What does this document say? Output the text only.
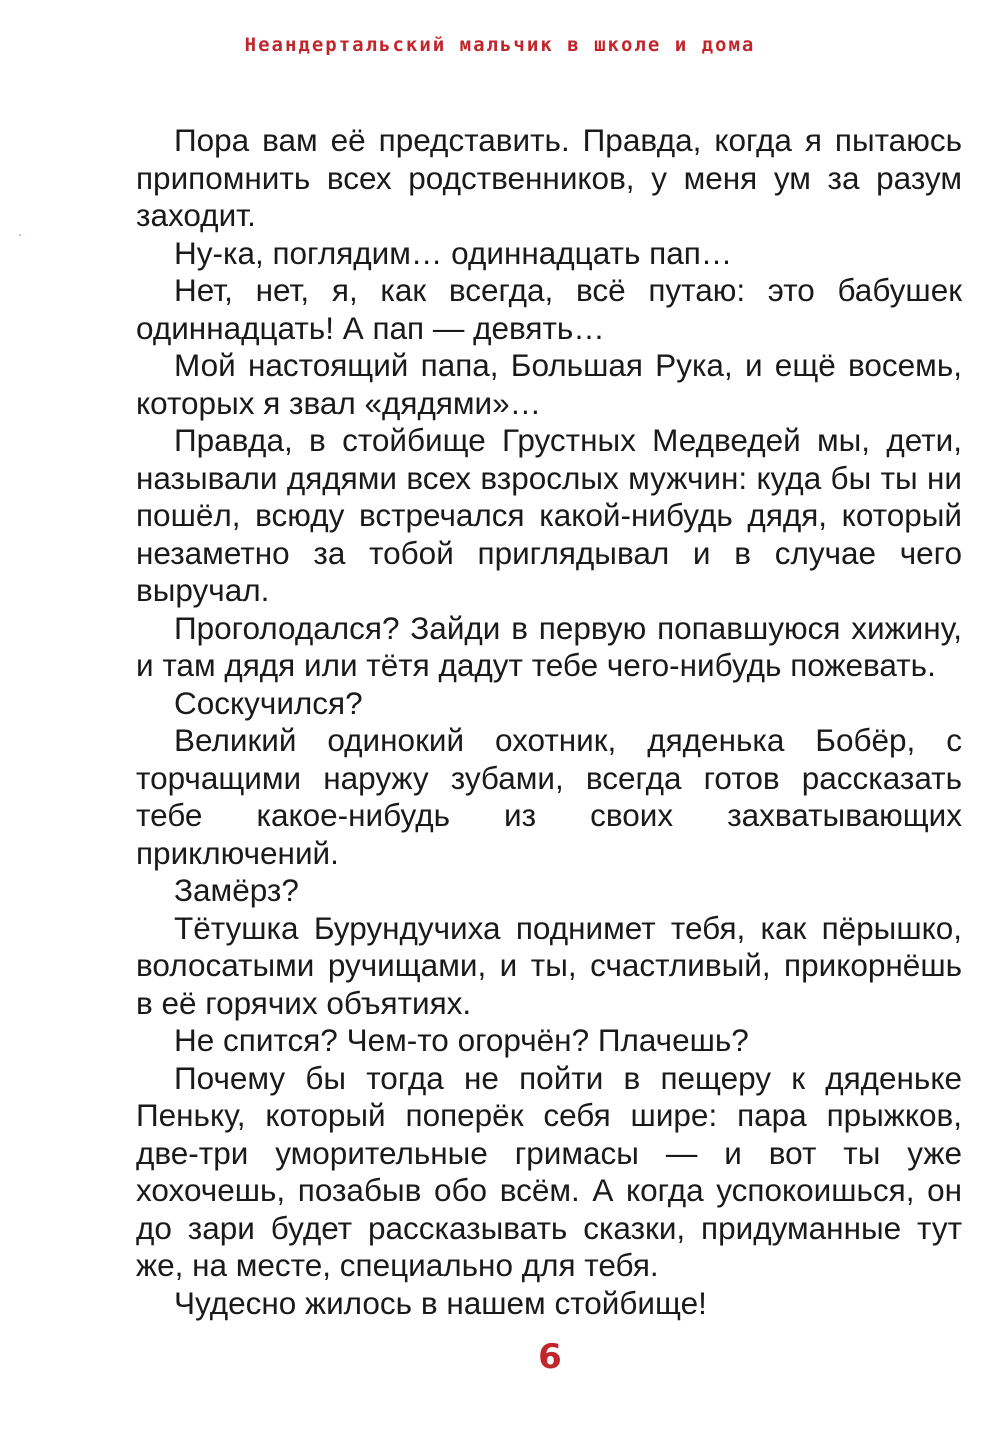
Неандертальский мальчик в школе и дома

Пора вам её представить. Правда, когда я пытаюсь припомнить всех родственников, у меня ум за разум заходит.

Ну-ка, поглядим… одиннадцать пап…

Нет, нет, я, как всегда, всё путаю: это бабушек одиннадцать! А пап — девять…

Мой настоящий папа, Большая Рука, и ещё восемь, которых я звал «дядями»…

Правда, в стойбище Грустных Медведей мы, дети, называли дядями всех взрослых мужчин: куда бы ты ни пошёл, всюду встречался какой-нибудь дядя, который незаметно за тобой приглядывал и в случае чего выручал.

Проголодался? Зайди в первую попавшуюся хижину, и там дядя или тётя дадут тебе чего-нибудь пожевать.

Соскучился?

Великий одинокий охотник, дяденька Бобёр, с торчащими наружу зубами, всегда готов рассказать тебе какое-нибудь из своих захватывающих приключений.

Замёрз?

Тётушка Бурундучиха поднимет тебя, как пёрышко, волосатыми ручищами, и ты, счастливый, прикорнёшь в её горячих объятиях.

Не спится? Чем-то огорчён? Плачешь?

Почему бы тогда не пойти в пещеру к дяденьке Пеньку, который поперёк себя шире: пара прыжков, две-три уморительные гримасы — и вот ты уже хохочешь, позабыв обо всём. А когда успокоишься, он до зари будет рассказывать сказки, придуманные тут же, на месте, специально для тебя.

Чудесно жилось в нашем стойбище!

6
